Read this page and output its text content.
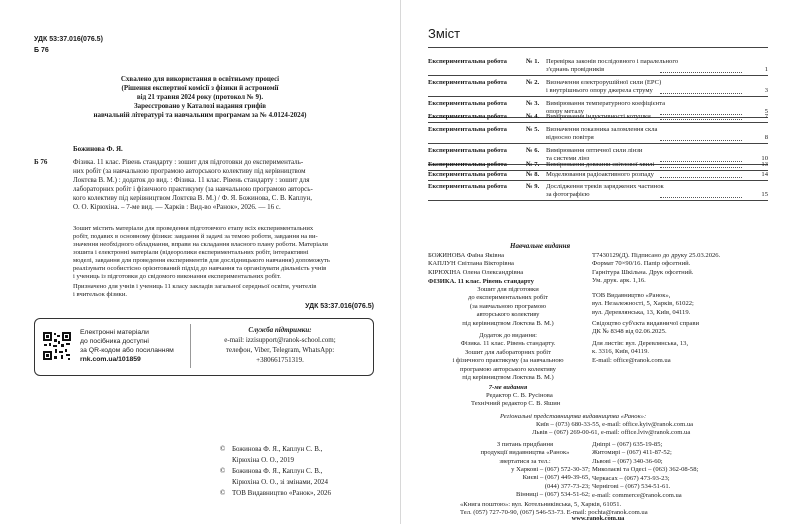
УДК 53:37.016(076.5)
Б 76
Схвалено для використання в освітньому процесі
(Рішення експертної комісії з фізики й астрономії
від 21 травня 2024 року (протокол № 9).
Зареєстровано у Каталозі надання грифів
навчальній літературі та навчальним програмам за № 4.0124-2024)
Божинова Ф. Я.
Б 76	Фізика. 11 клас. Рівень стандарту : зошит для підготовки до експерименталь-
них робіт (за навчальною програмою авторського колективу під керівництвом
Локтєва В. М.) : додаток до вид. : Фізика. 11 клас. Рівень стандарту : зошит для
лабораторних робіт і фізичного практикуму (за навчальною програмою авторсь-
кого колективу під керівництвом Локтєва В. М.) / Ф. Я. Божинова, С. В. Каплун,
О. О. Кірюхіна. – 7-ме вид. — Харків : Вид-во «Ранок», 2026. — 16 с.
Зошит містить матеріали для проведення підготовчого етапу всіх експериментальних
робіт, подавих в основному фізики: завдання й задачі за темою роботи, завдання на ви-
значення необхідного обладнання, вправи на складання власного плану роботи. Матеріали
зошита і електронні матеріали (відеоролики експериментальних робіт, інтерактивні
моделі, завдання для проведення експериментів для дослідницького навчання) допоможуть
реалізувати особистісно орієнтований підхід до навчання та організувати діяльність учнів
і учениць із підготовки до свідомого виконання експериментальних робіт.
Призначено для учнів і учениць 11 класу закладів загальної середньої освіти, учителів
і вчительок фізики.
УДК 53:37.016(076.5)
Електронні матеріали
до посібника доступні
за QR-кодом або посиланням
rnk.com.ua/101859
Служба підтримки:
e-mail: izzisupport@ranok-school.com;
телефон, Viber, Telegram, WhatsApp:
+380661751319.
© Божинова Ф. Я., Каплун С. В.,
Кірюхіна О. О., 2019
© Божинова Ф. Я., Каплун С. В.,
Кірюхіна О. О., зі змінами, 2024
© ТОВ Видавництво «Ранок», 2026
Зміст
Експериментальна робота	№ 1. Перевірка законів послідовного і паралельного
з'єднань провідників	1
Експериментальна робота	№ 2. Визначення електрорушійної сили (ЕРС)
і внутрішнього опору джерела струму	3
Експериментальна робота	№ 3. Вимірювання температурного коефіцієнта
опору металу	5
Експериментальна робота	№ 4. Вимірювання індуктивності котушки	7
Експериментальна робота	№ 5. Визначення показника заломлення скла
відносно повітря	8
Експериментальна робота	№ 6. Вимірювання оптичної сили лінзи
та системи лінз	10
Експериментальна робота	№ 7. Вимірювання довжини світлової хвилі	13
Експериментальна робота	№ 8. Моделювання радіоактивного розпаду	14
Експериментальна робота	№ 9. Дослідження треків заряджених частинок
за фотографією	15
Навчальне видання
БОЖИНОВА Фаїна Яківна
КАПЛУН Світлана Вікторівна
КІРЮХІНА Олена Олександрівна
ФІЗИКА. 11 клас. Рівень стандарту
Зошит для підготовки
до експериментальних робіт
(за навчальною програмою
авторського колективу
під керівництвом Локтєва В. М.)
Додаток до видання:
Фізика. 11 клас. Рівень стандарту.
Зошит для лабораторних робіт
і фізичного практикуму (за навчальною
програмою авторського колективу
під керівництвом Локтєва В. М.)
7-ме видання
Редактор С. В. Русінова
Технічний редактор С. В. Яшин
Т7430129(Д). Підписано до друку 25.03.2026.
Формат 70×90/16. Папір офсетний.
Гарнітура Шкільна. Друк офсетний.
Ум. друк. арк. 1,16.
ТОВ Видавництво «Ранок»,
вул. Незалежності, 5, Харків, 61022;
вул. Деревлянська, 13, Київ, 04119.
Свідоцтво суб'єкта видавничої справи
ДК № 8348 від 02.06.2025.
Для листів: вул. Деревлянська, 13,
к. 3316, Київ, 04119.
E-mail: office@ranok.com.ua
Регіональні представництва видавництва «Ранок»:
Київ – (073) 680-33-55, e-mail: office.kyiv@ranok.com.ua
Львів – (067) 269-00-61, e-mail: office.lviv@ranok.com.ua
З питань придбання
продукції видавництва «Ранок»
звертатися за тел.:
у Харкові – (067) 572-30-37;
Києві – (067) 449-39-65,
(044) 377-73-23;
Вінниці – (067) 534-51-62;
Дніпрі – (067) 635-19-85;
Житомирі – (067) 411-87-52;
Львові – (067) 340-36-60;
Миколаєві та Одесі – (063) 362-08-58;
Черкасах – (067) 473-93-23;
Чернігові – (067) 534-51-61.
e-mail: commerce@ranok.com.ua
«Книга поштою»: вул. Котельниківська, 5, Харків, 61051.
Тел. (057) 727-70-90, (067) 546-53-73. E-mail: pochta@ranok.com.ua
www.ranok.com.ua
